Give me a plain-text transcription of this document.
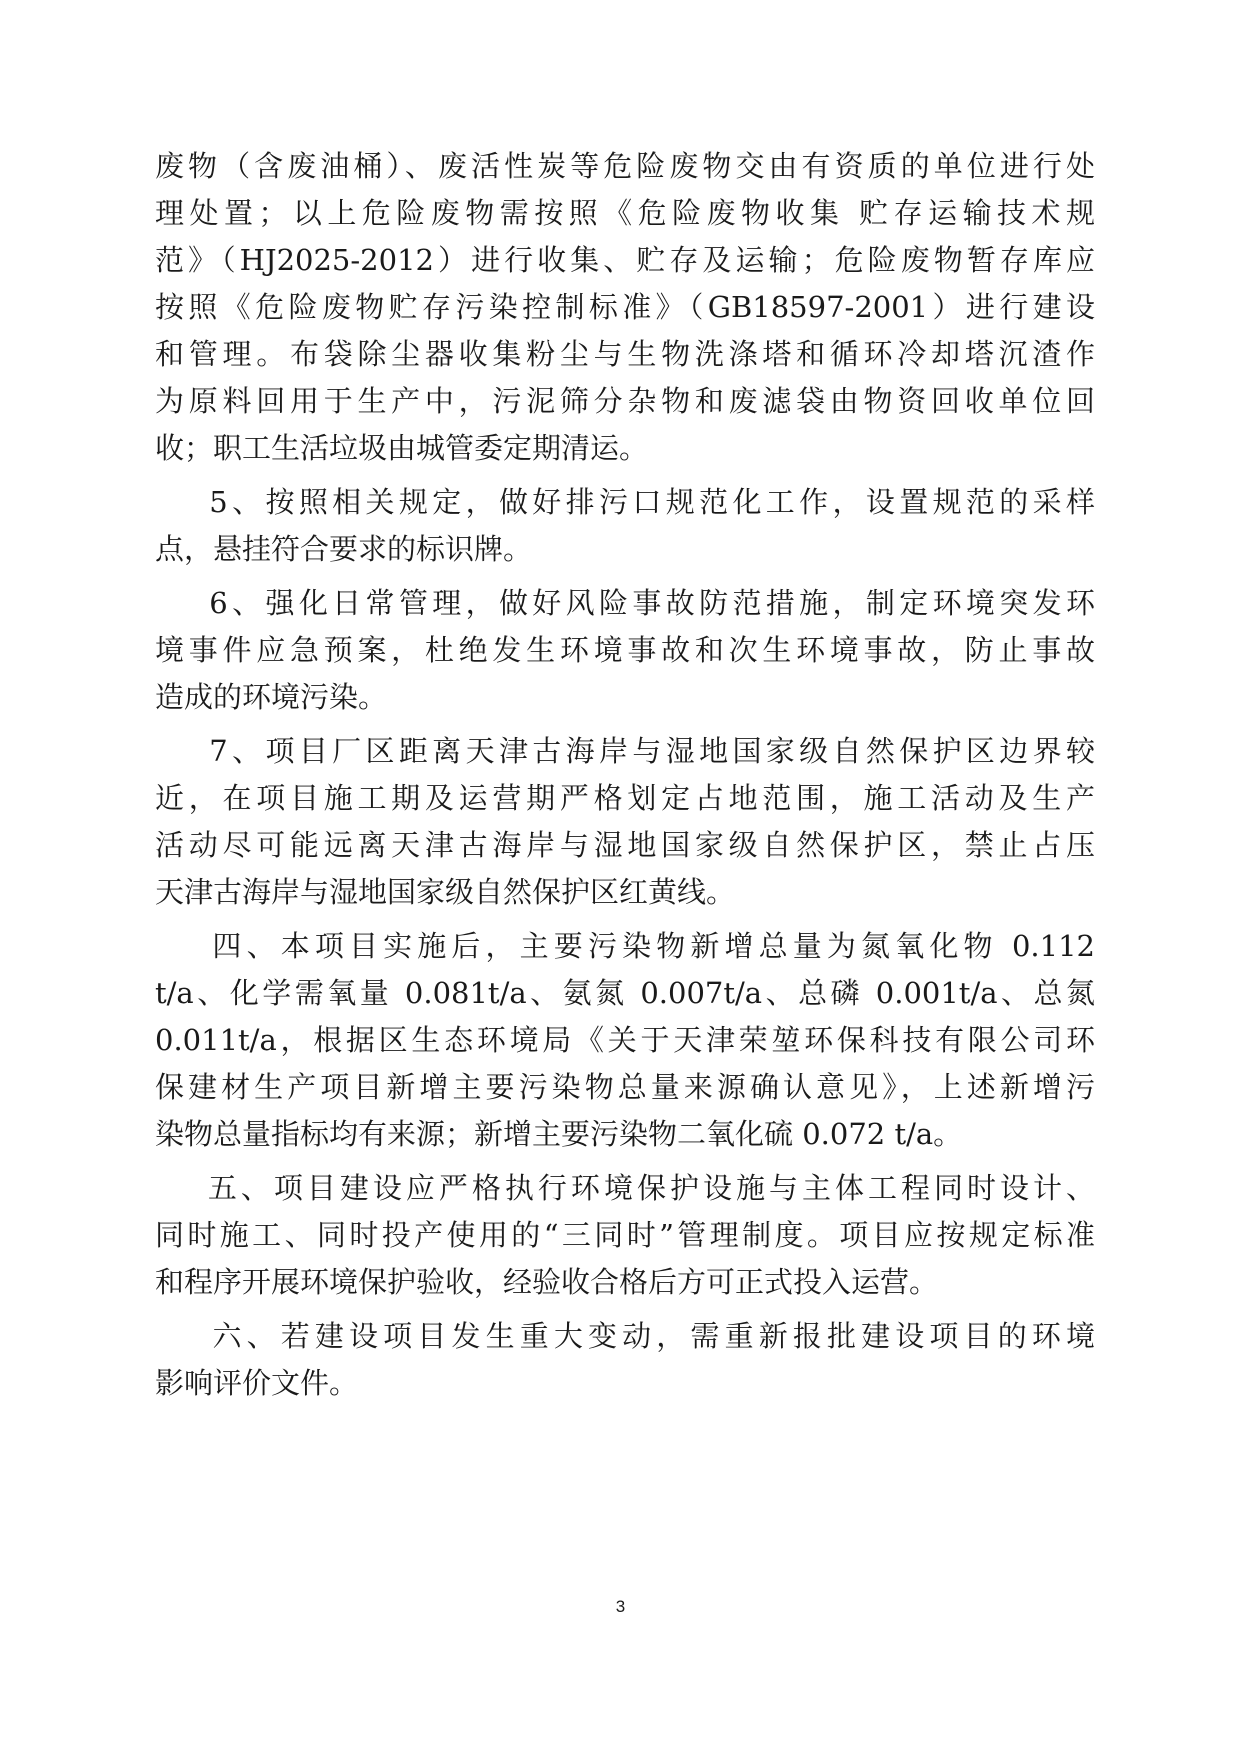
废物（含废油桶）、废活性炭等危险废物交由有资质的单位进行处
理处置；以上危险废物需按照《危险废物收集 贮存运输技术规
范》（HJ2025-2012）进行收集、贮存及运输；危险废物暂存库应
按照《危险废物贮存污染控制标准》（GB18597-2001）进行建设
和管理。布袋除尘器收集粉尘与生物洗涤塔和循环冷却塔沉渣作
为原料回用于生产中，污泥筛分杂物和废滤袋由物资回收单位回
收；职工生活垃圾由城管委定期清运。
5、按照相关规定，做好排污口规范化工作，设置规范的采样
点，悬挂符合要求的标识牌。
6、强化日常管理，做好风险事故防范措施，制定环境突发环
境事件应急预案，杜绝发生环境事故和次生环境事故，防止事故
造成的环境污染。
7、项目厂区距离天津古海岸与湿地国家级自然保护区边界较
近，在项目施工期及运营期严格划定占地范围，施工活动及生产
活动尽可能远离天津古海岸与湿地国家级自然保护区，禁止占压
天津古海岸与湿地国家级自然保护区红黄线。
四、本项目实施后，主要污染物新增总量为氮氧化物 0.112
t/a、化学需氧量 0.081t/a、氨氮 0.007t/a、总磷 0.001t/a、总氮
0.011t/a，根据区生态环境局《关于天津荣堃环保科技有限公司环
保建材生产项目新增主要污染物总量来源确认意见》，上述新增污
染物总量指标均有来源；新增主要污染物二氧化硫 0.072 t/a。
五、项目建设应严格执行环境保护设施与主体工程同时设计、
同时施工、同时投产使用的“三同时”管理制度。项目应按规定标准
和程序开展环境保护验收，经验收合格后方可正式投入运营。
六、若建设项目发生重大变动，需重新报批建设项目的环境
影响评价文件。
3
